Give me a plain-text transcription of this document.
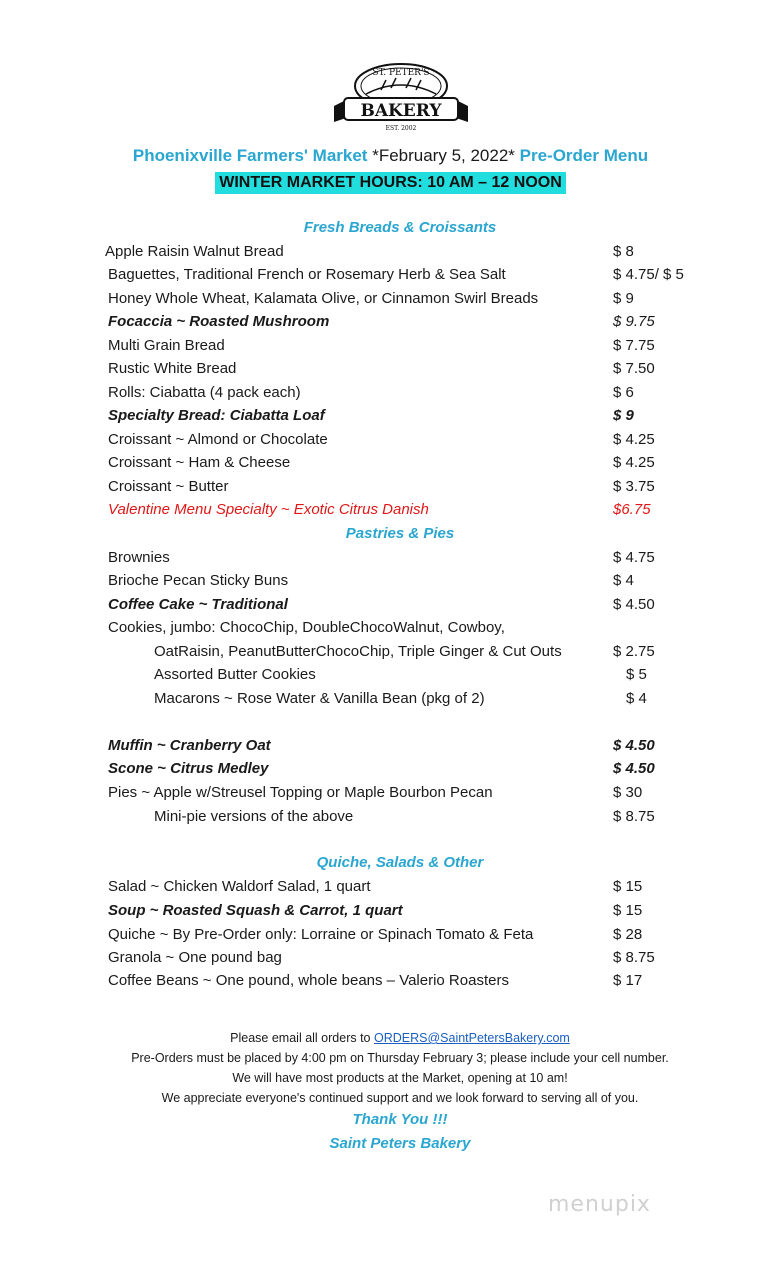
ST. PETER'S
BAKERY
EST. 2002
Phoenixville Farmers' Market *February 5, 2022* Pre-Order Menu
WINTER MARKET HOURS: 10 AM – 12 NOON
Fresh Breads & Croissants
Apple Raisin Walnut Bread	$ 8
Baguettes, Traditional French or Rosemary Herb & Sea Salt	$ 4.75/ $ 5
Honey Whole Wheat, Kalamata Olive, or Cinnamon Swirl Breads	$ 9
Focaccia ~ Roasted Mushroom	$ 9.75
Multi Grain Bread	$ 7.75
Rustic White Bread	$ 7.50
Rolls: Ciabatta (4 pack each)	$ 6
Specialty Bread: Ciabatta Loaf	$ 9
Croissant ~ Almond or Chocolate	$ 4.25
Croissant ~ Ham & Cheese	$ 4.25
Croissant ~ Butter	$ 3.75
Valentine Menu Specialty ~ Exotic Citrus Danish	$6.75
Pastries & Pies
Brownies	$ 4.75
Brioche Pecan Sticky Buns	$ 4
Coffee Cake ~ Traditional	$ 4.50
Cookies, jumbo: ChocoChip, DoubleChocoWalnut, Cowboy,
OatRaisin, PeanutButterChocoChip, Triple Ginger & Cut Outs	$ 2.75
Assorted Butter Cookies	$ 5
Macarons ~ Rose Water & Vanilla Bean (pkg of 2)	$ 4
Muffin ~ Cranberry Oat	$ 4.50
Scone ~ Citrus Medley	$ 4.50
Pies ~ Apple w/Streusel Topping or Maple Bourbon Pecan	$ 30
Mini-pie versions of the above	$ 8.75
Quiche, Salads & Other
Salad ~ Chicken Waldorf Salad, 1 quart	$ 15
Soup ~ Roasted Squash & Carrot, 1 quart	$ 15
Quiche ~ By Pre-Order only: Lorraine or Spinach Tomato & Feta	$ 28
Granola ~ One pound bag	$ 8.75
Coffee Beans ~ One pound, whole beans – Valerio Roasters	$ 17
Please email all orders to ORDERS@SaintPetersBakery.com
Pre-Orders must be placed by 4:00 pm on Thursday February 3; please include your cell number.
We will have most products at the Market, opening at 10 am!
We appreciate everyone's continued support and we look forward to serving all of you.
Thank You !!!
Saint Peters Bakery
menupix
